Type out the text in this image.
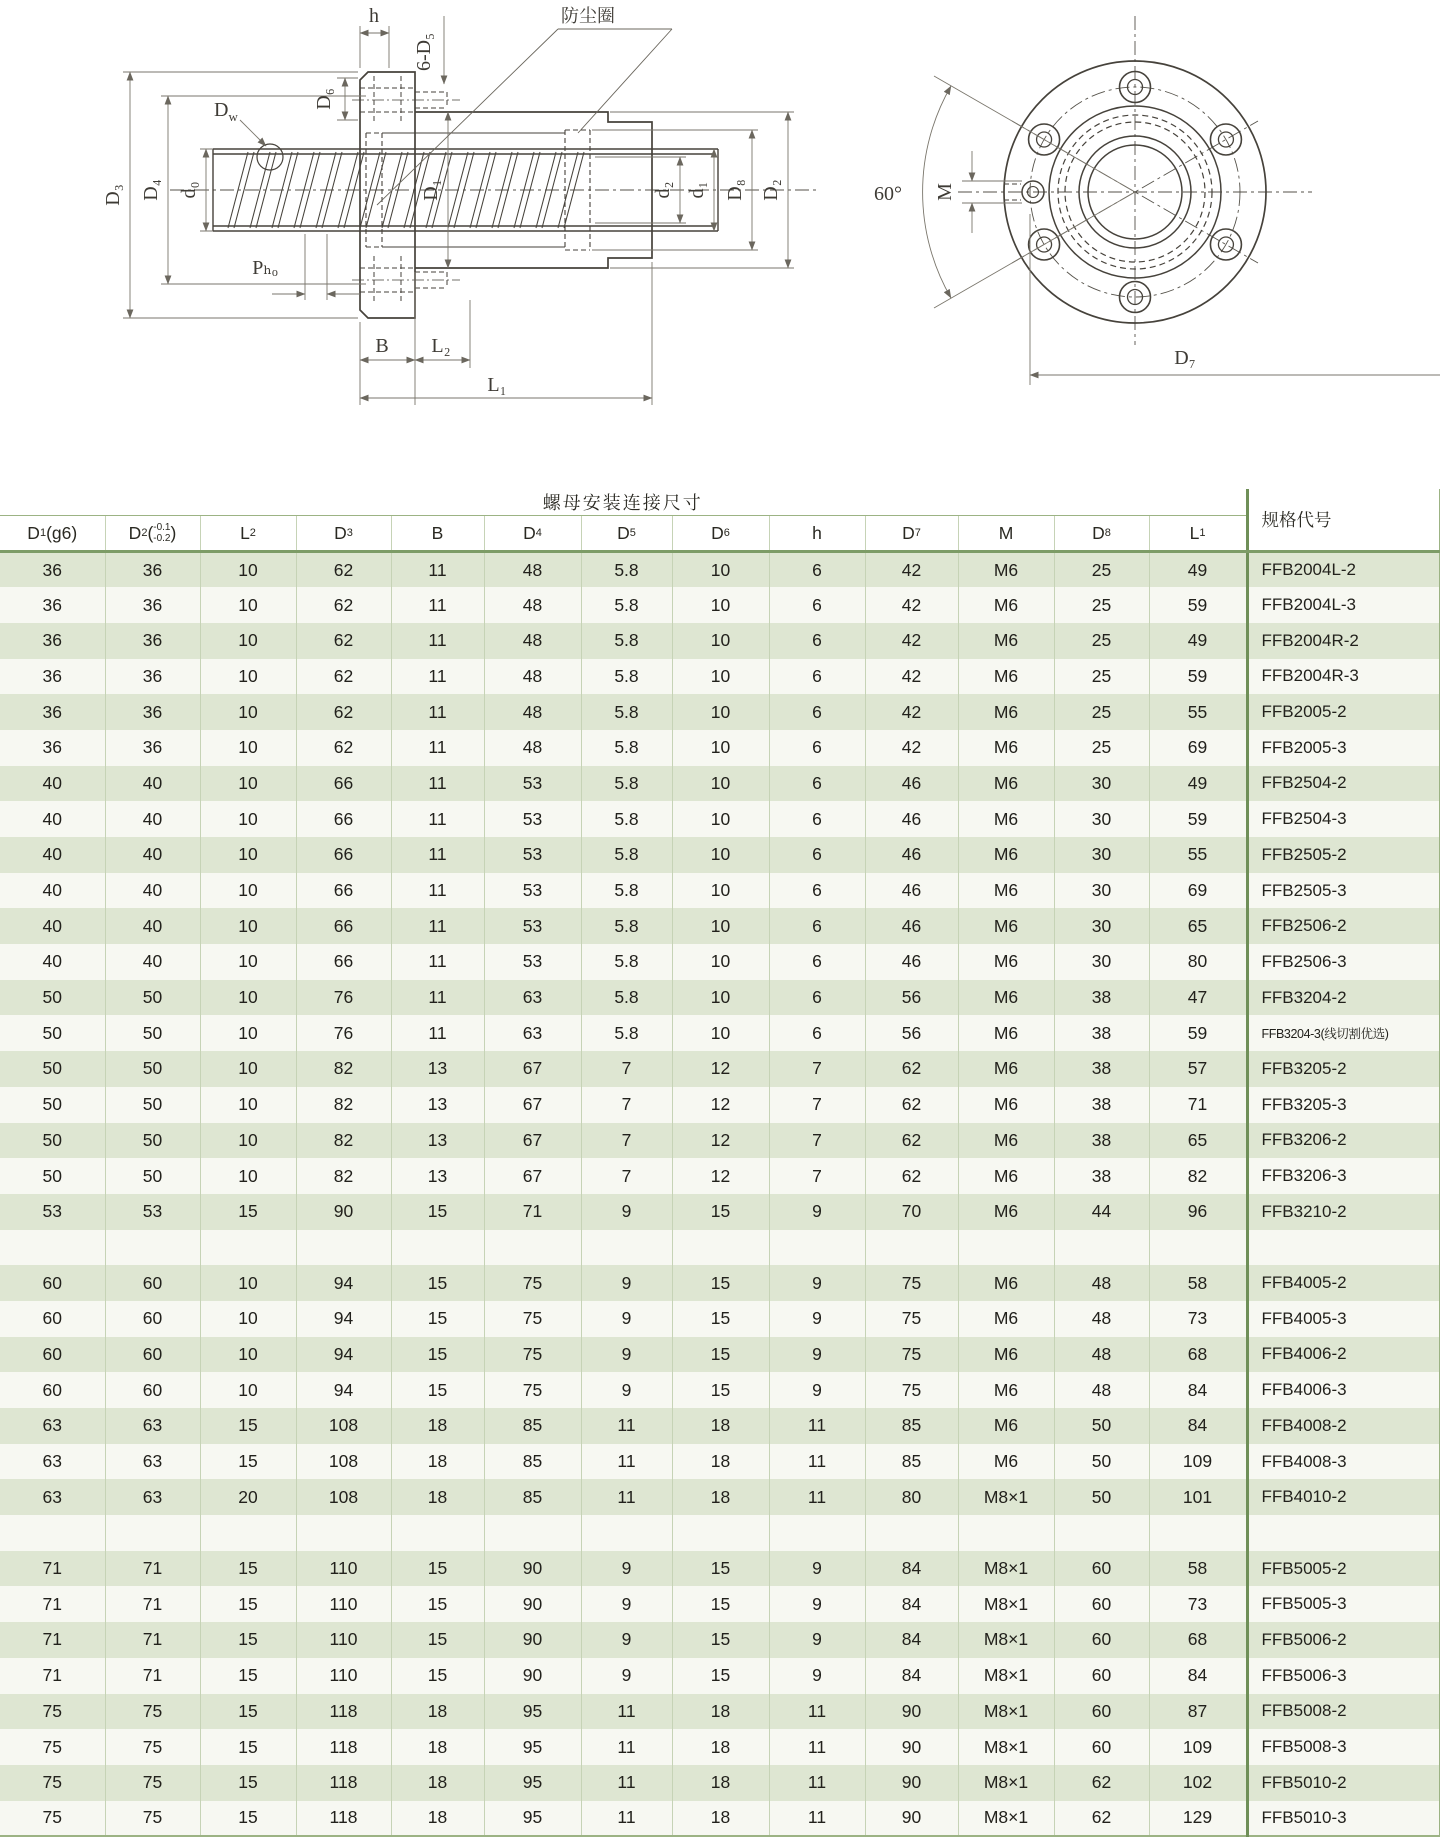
h
6-D₅
防尘圈
D₆
$D_w$
D₃ D₄ d₀
Pₕₒ
D₁
B L₂
L₁
d₂ d₁ D₈ D₂	60° M
D₇
螺母安装连接尺寸													规格代号

D 1 (g6)	D 2 ( -0.1
-0.2 )	L 2	D 3	B	D 4	D 5	D 6	h	D 7	M	D 8	L 1

36	36	10	62	11	48	5.8	10	6	42	M6	25	49	FFB2004L-2
36	36	10	62	11	48	5.8	10	6	42	M6	25	59	FFB2004L-3
36	36	10	62	11	48	5.8	10	6	42	M6	25	49	FFB2004R-2
36	36	10	62	11	48	5.8	10	6	42	M6	25	59	FFB2004R-3
36	36	10	62	11	48	5.8	10	6	42	M6	25	55	FFB2005-2
36	36	10	62	11	48	5.8	10	6	42	M6	25	69	FFB2005-3
40	40	10	66	11	53	5.8	10	6	46	M6	30	49	FFB2504-2
40	40	10	66	11	53	5.8	10	6	46	M6	30	59	FFB2504-3
40	40	10	66	11	53	5.8	10	6	46	M6	30	55	FFB2505-2
40	40	10	66	11	53	5.8	10	6	46	M6	30	69	FFB2505-3
40	40	10	66	11	53	5.8	10	6	46	M6	30	65	FFB2506-2
40	40	10	66	11	53	5.8	10	6	46	M6	30	80	FFB2506-3
50	50	10	76	11	63	5.8	10	6	56	M6	38	47	FFB3204-2
50	50	10	76	11	63	5.8	10	6	56	M6	38	59	FFB3204-3(线切割优选)
50	50	10	82	13	67	7	12	7	62	M6	38	57	FFB3205-2
50	50	10	82	13	67	7	12	7	62	M6	38	71	FFB3205-3
50	50	10	82	13	67	7	12	7	62	M6	38	65	FFB3206-2
50	50	10	82	13	67	7	12	7	62	M6	38	82	FFB3206-3
53	53	15	90	15	71	9	15	9	70	M6	44	96	FFB3210-2

60	60	10	94	15	75	9	15	9	75	M6	48	58	FFB4005-2
60	60	10	94	15	75	9	15	9	75	M6	48	73	FFB4005-3
60	60	10	94	15	75	9	15	9	75	M6	48	68	FFB4006-2
60	60	10	94	15	75	9	15	9	75	M6	48	84	FFB4006-3
63	63	15	108	18	85	11	18	11	85	M6	50	84	FFB4008-2
63	63	15	108	18	85	11	18	11	85	M6	50	109	FFB4008-3
63	63	20	108	18	85	11	18	11	80	M8×1	50	101	FFB4010-2

71	71	15	110	15	90	9	15	9	84	M8×1	60	58	FFB5005-2
71	71	15	110	15	90	9	15	9	84	M8×1	60	73	FFB5005-3
71	71	15	110	15	90	9	15	9	84	M8×1	60	68	FFB5006-2
71	71	15	110	15	90	9	15	9	84	M8×1	60	84	FFB5006-3
75	75	15	118	18	95	11	18	11	90	M8×1	60	87	FFB5008-2
75	75	15	118	18	95	11	18	11	90	M8×1	60	109	FFB5008-3
75	75	15	118	18	95	11	18	11	90	M8×1	62	102	FFB5010-2
75	75	15	118	18	95	11	18	11	90	M8×1	62	129	FFB5010-3
